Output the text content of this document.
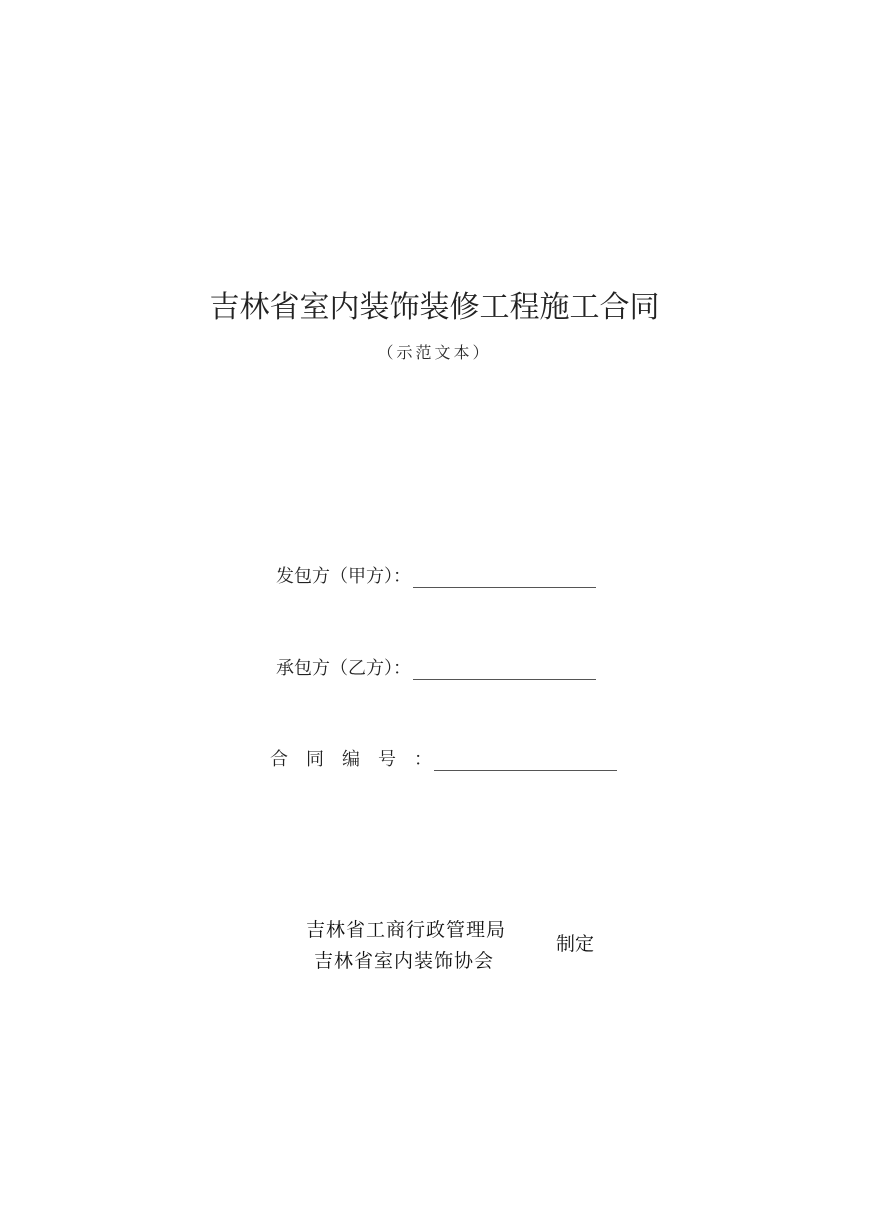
吉林省室内装饰装修工程施工合同
（示范文本）
发包方（甲方）：
承包方（乙方）：
合同编号 ：
吉林省工商行政管理局
吉林省室内装饰协会
制定
